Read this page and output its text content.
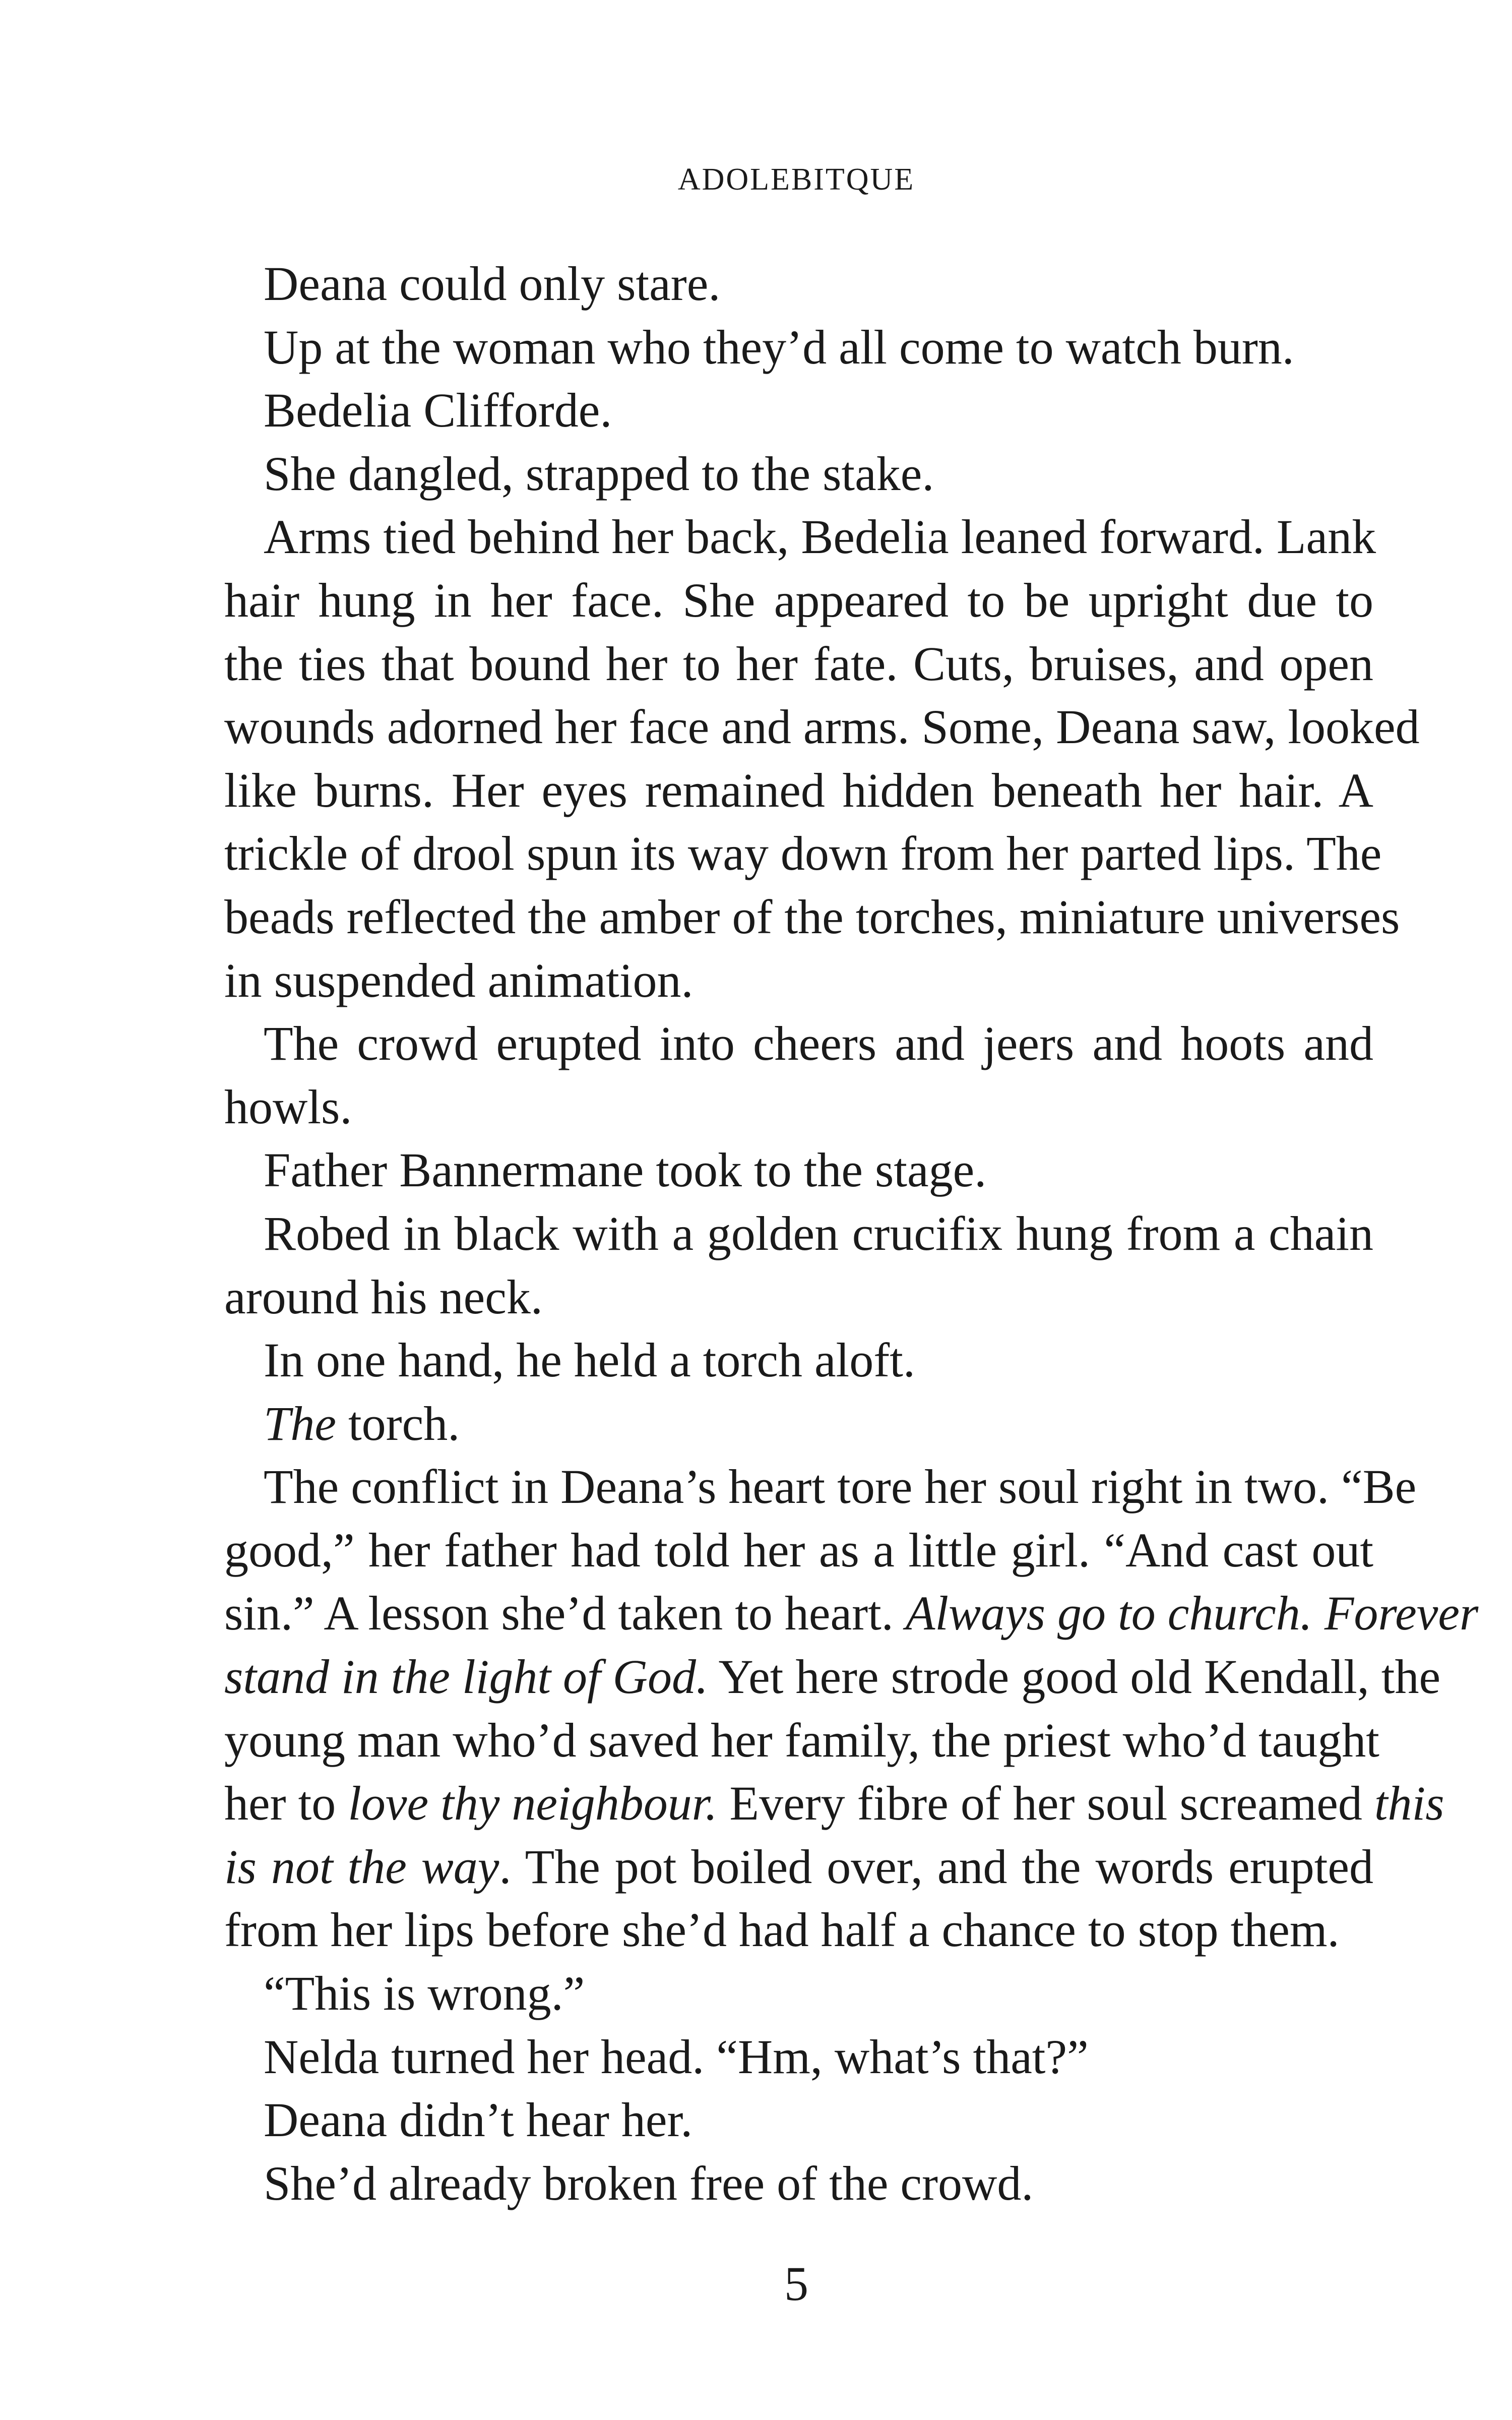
ADOLEBITQUE
Deana could only stare.
Up at the woman who they’d all come to watch burn.
Bedelia Clifforde.
She dangled, strapped to the stake.
Arms tied behind her back, Bedelia leaned forward. Lank
hair hung in her face. She appeared to be upright due to
the ties that bound her to her fate. Cuts, bruises, and open
wounds adorned her face and arms. Some, Deana saw, looked
like burns. Her eyes remained hidden beneath her hair. A
trickle of drool spun its way down from her parted lips. The
beads reflected the amber of the torches, miniature universes
in suspended animation.
The crowd erupted into cheers and jeers and hoots and
howls.
Father Bannermane took to the stage.
Robed in black with a golden crucifix hung from a chain
around his neck.
In one hand, he held a torch aloft.
The torch.
The conflict in Deana’s heart tore her soul right in two. “Be
good,” her father had told her as a little girl. “And cast out
sin.” A lesson she’d taken to heart. Always go to church. Forever
stand in the light of God. Yet here strode good old Kendall, the
young man who’d saved her family, the priest who’d taught
her to love thy neighbour. Every fibre of her soul screamed this
is not the way. The pot boiled over, and the words erupted
from her lips before she’d had half a chance to stop them.
“This is wrong.”
Nelda turned her head. “Hm, what’s that?”
Deana didn’t hear her.
She’d already broken free of the crowd.
5
